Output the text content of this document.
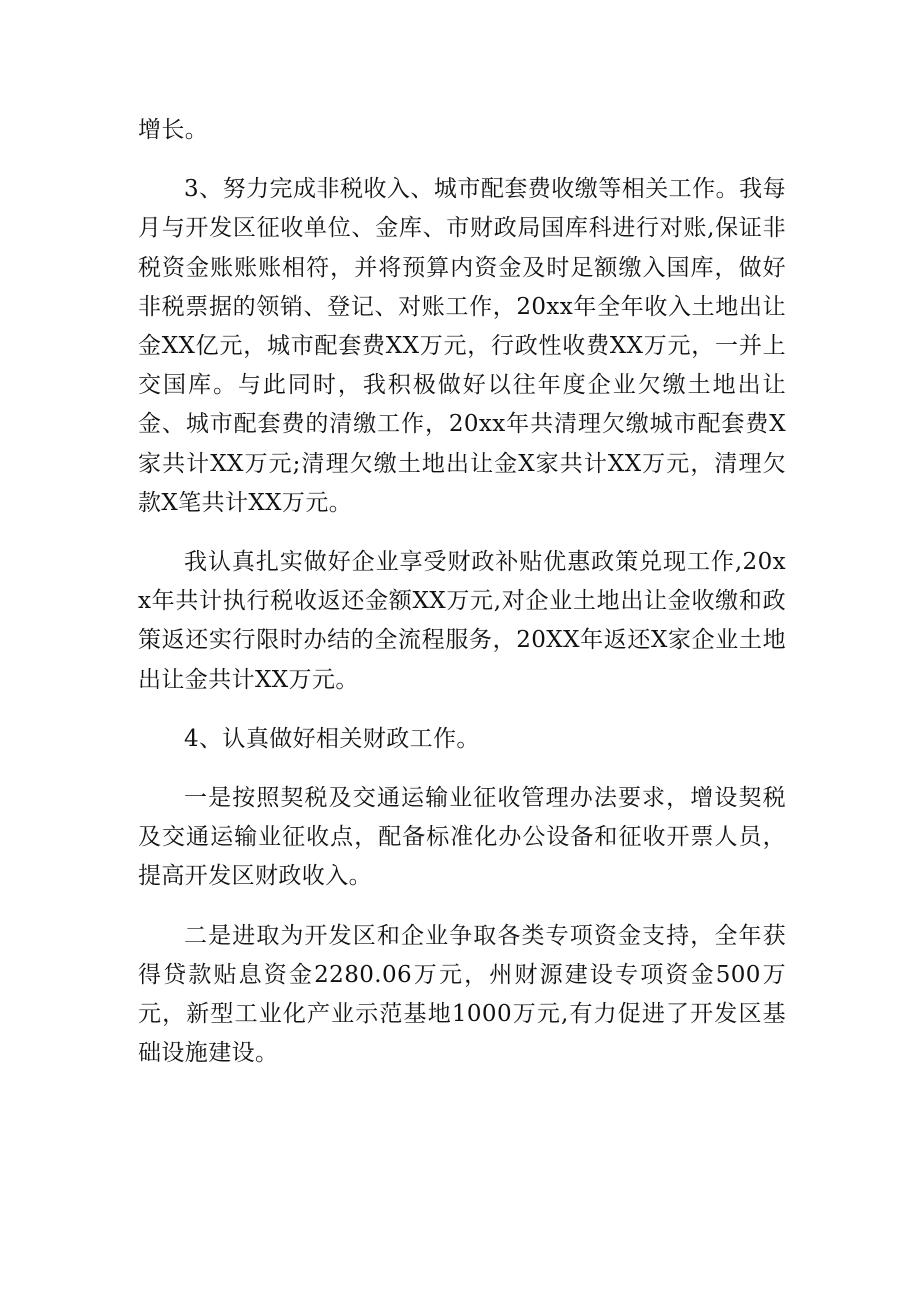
增长。

3、努力完成非税收入、城市配套费收缴等相关工作。我每月与开发区征收单位、金库、市财政局国库科进行对账,保证非税资金账账账相符，并将预算内资金及时足额缴入国库，做好非税票据的领销、登记、对账工作，20xx年全年收入土地出让金XX亿元，城市配套费XX万元，行政性收费XX万元，一并上交国库。与此同时，我积极做好以往年度企业欠缴土地出让金、城市配套费的清缴工作，20xx年共清理欠缴城市配套费X家共计XX万元;清理欠缴土地出让金X家共计XX万元，清理欠款X笔共计XX万元。

我认真扎实做好企业享受财政补贴优惠政策兑现工作,20xx年共计执行税收返还金额XX万元,对企业土地出让金收缴和政策返还实行限时办结的全流程服务，20XX年返还X家企业土地出让金共计XX万元。

4、认真做好相关财政工作。

一是按照契税及交通运输业征收管理办法要求，增设契税及交通运输业征收点，配备标准化办公设备和征收开票人员，提高开发区财政收入。

二是进取为开发区和企业争取各类专项资金支持，全年获得贷款贴息资金2280.06万元，州财源建设专项资金500万元，新型工业化产业示范基地1000万元,有力促进了开发区基础设施建设。
